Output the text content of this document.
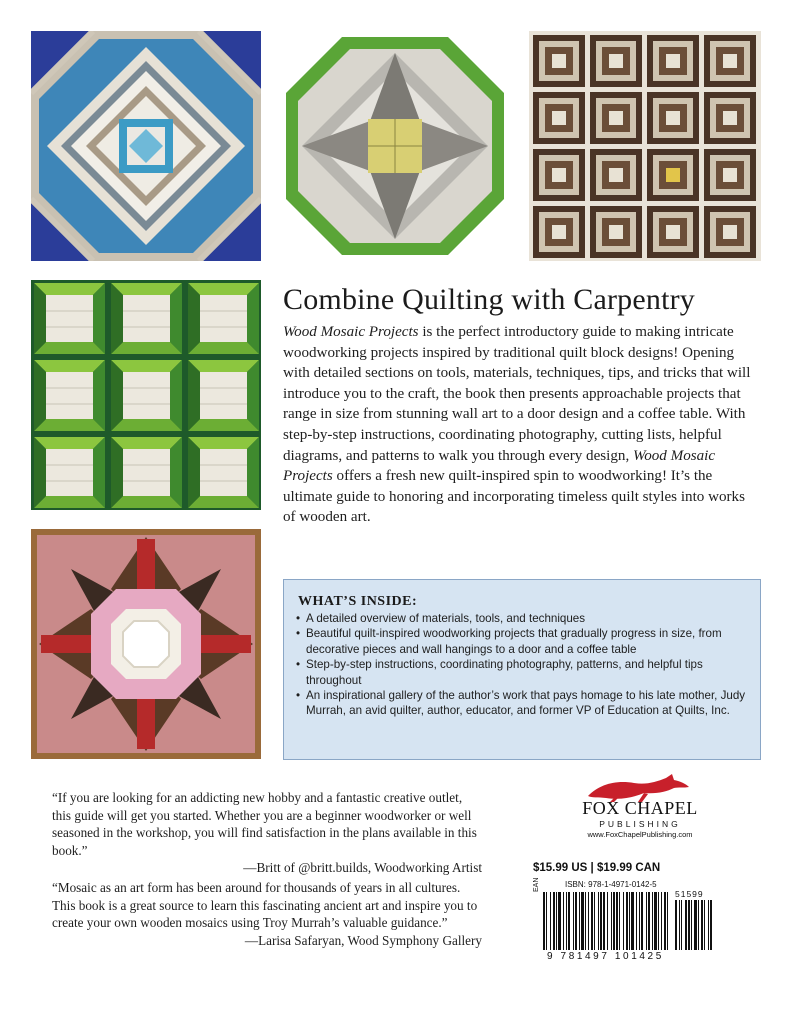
Combine Quilting with Carpentry
Wood Mosaic Projects is the perfect introductory guide to making intricate woodworking projects inspired by traditional quilt block designs! Opening with detailed sections on tools, materials, techniques, tips, and tricks that will introduce you to the craft, the book then presents approachable projects that range in size from stunning wall art to a door design and a coffee table. With step-by-step instructions, coordinating photography, cutting lists, helpful diagrams, and patterns to walk you through every design, Wood Mosaic Projects offers a fresh new quilt-inspired spin to woodworking! It’s the ultimate guide to honoring and incorporating timeless quilt styles into works of wooden art.
WHAT’S INSIDE:
• A detailed overview of materials, tools, and techniques
• Beautiful quilt-inspired woodworking projects that gradually progress in size, from decorative pieces and wall hangings to a door and a coffee table
• Step-by-step instructions, coordinating photography, patterns, and helpful tips throughout
• An inspirational gallery of the author’s work that pays homage to his late mother, Judy Murrah, an avid quilter, author, educator, and former VP of Education at Quilts, Inc.
“If you are looking for an addicting new hobby and a fantastic creative outlet, this guide will get you started. Whether you are a beginner woodworker or well seasoned in the workshop, you will find satisfaction in the plans available in this book.”
—Britt of @britt.builds, Woodworking Artist
“Mosaic as an art form has been around for thousands of years in all cultures. This book is a great source to learn this fascinating ancient art and inspire you to create your own wooden mosaics using Troy Murrah’s valuable guidance.”
—Larisa Safaryan, Wood Symphony Gallery
FOX CHAPEL
PUBLISHING
www.FoxChapelPublishing.com
$15.99 US | $19.99 CAN
EAN	ISBN: 978-1-4971-0142-5
51599
9 781497 101425
